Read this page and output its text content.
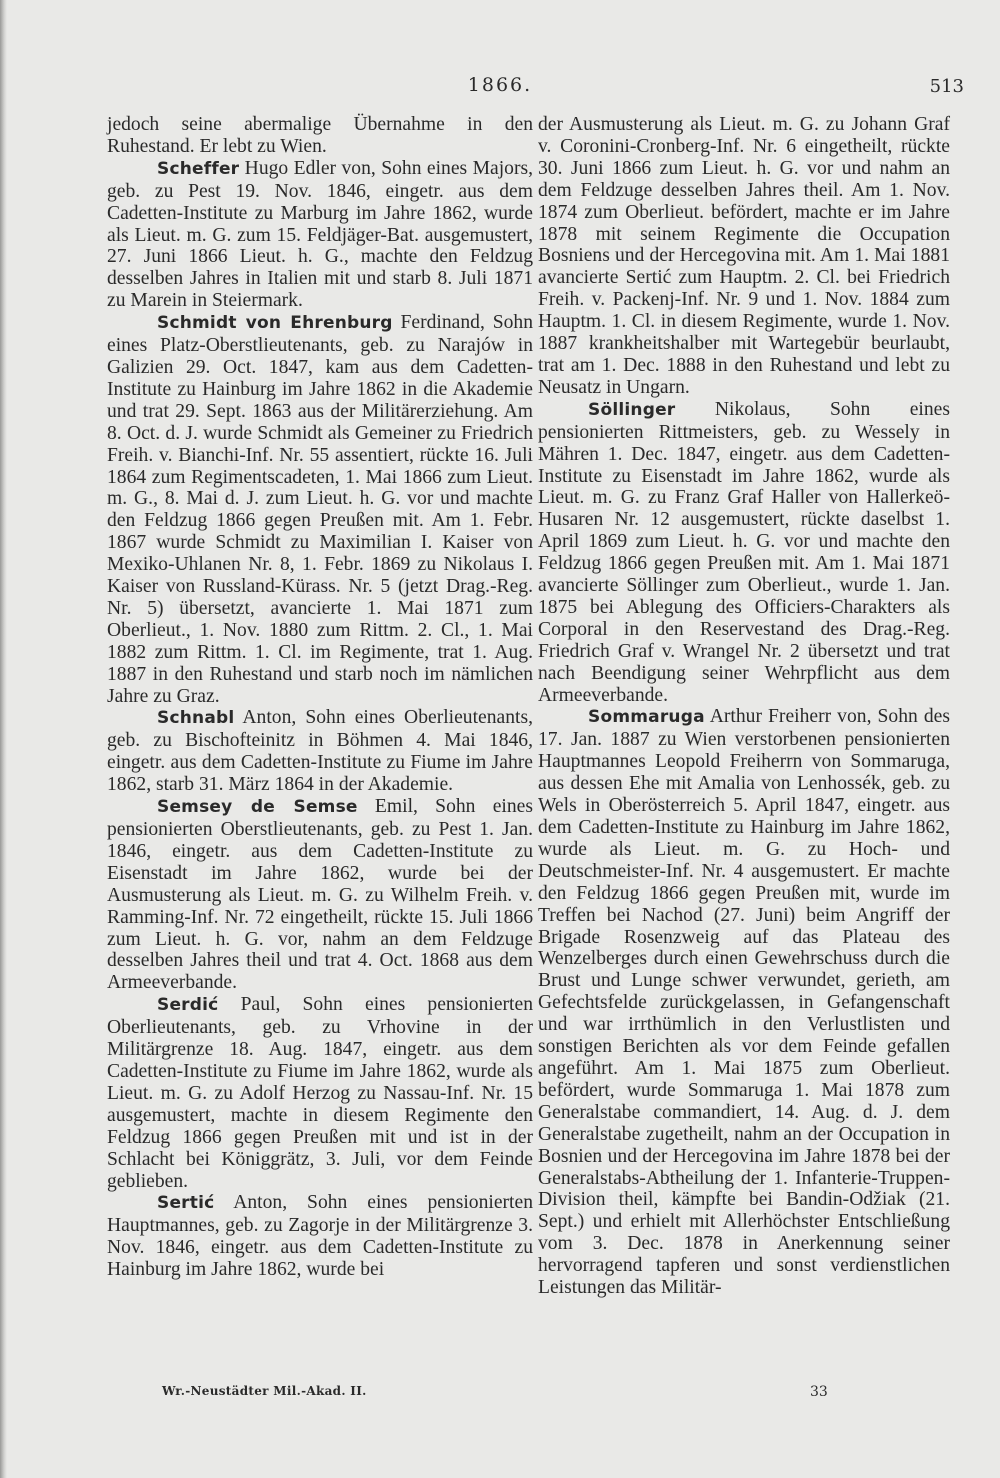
1866.	513

jedoch seine abermalige Übernahme in den Ruhestand. Er lebt zu Wien.

Scheffer Hugo Edler von, Sohn eines Majors, geb. zu Pest 19. Nov. 1846, eingetr. aus dem Cadetten-Institute zu Marburg im Jahre 1862, wurde als Lieut. m. G. zum 15. Feldjäger-Bat. ausgemustert, 27. Juni 1866 Lieut. h. G., machte den Feldzug desselben Jahres in Italien mit und starb 8. Juli 1871 zu Marein in Steiermark.

Schmidt von Ehrenburg Ferdinand, Sohn eines Platz-Oberstlieutenants, geb. zu Narajów in Galizien 29. Oct. 1847, kam aus dem Cadetten-Institute zu Hainburg im Jahre 1862 in die Akademie und trat 29. Sept. 1863 aus der Militärerziehung. Am 8. Oct. d. J. wurde Schmidt als Gemeiner zu Friedrich Freih. v. Bianchi-Inf. Nr. 55 assentiert, rückte 16. Juli 1864 zum Regimentscadeten, 1. Mai 1866 zum Lieut. m. G., 8. Mai d. J. zum Lieut. h. G. vor und machte den Feldzug 1866 gegen Preußen mit. Am 1. Febr. 1867 wurde Schmidt zu Maximilian I. Kaiser von Mexiko-Uhlanen Nr. 8, 1. Febr. 1869 zu Nikolaus I. Kaiser von Russland-Kürass. Nr. 5 (jetzt Drag.-Reg. Nr. 5) übersetzt, avancierte 1. Mai 1871 zum Oberlieut., 1. Nov. 1880 zum Rittm. 2. Cl., 1. Mai 1882 zum Rittm. 1. Cl. im Regimente, trat 1. Aug. 1887 in den Ruhestand und starb noch im nämlichen Jahre zu Graz.

Schnabl Anton, Sohn eines Oberlieutenants, geb. zu Bischofteinitz in Böhmen 4. Mai 1846, eingetr. aus dem Cadetten-Institute zu Fiume im Jahre 1862, starb 31. März 1864 in der Akademie.

Semsey de Semse Emil, Sohn eines pensionierten Oberstlieutenants, geb. zu Pest 1. Jan. 1846, eingetr. aus dem Cadetten-Institute zu Eisenstadt im Jahre 1862, wurde bei der Ausmusterung als Lieut. m. G. zu Wilhelm Freih. v. Ramming-Inf. Nr. 72 eingetheilt, rückte 15. Juli 1866 zum Lieut. h. G. vor, nahm an dem Feldzuge desselben Jahres theil und trat 4. Oct. 1868 aus dem Armeeverbande.

Serdić Paul, Sohn eines pensionierten Oberlieutenants, geb. zu Vrhovine in der Militärgrenze 18. Aug. 1847, eingetr. aus dem Cadetten-Institute zu Fiume im Jahre 1862, wurde als Lieut. m. G. zu Adolf Herzog zu Nassau-Inf. Nr. 15 ausgemustert, machte in diesem Regimente den Feldzug 1866 gegen Preußen mit und ist in der Schlacht bei Königgrätz, 3. Juli, vor dem Feinde geblieben.

Sertić Anton, Sohn eines pensionierten Hauptmannes, geb. zu Zagorje in der Militärgrenze 3. Nov. 1846, eingetr. aus dem Cadetten-Institute zu Hainburg im Jahre 1862, wurde bei

der Ausmusterung als Lieut. m. G. zu Johann Graf v. Coronini-Cronberg-Inf. Nr. 6 eingetheilt, rückte 30. Juni 1866 zum Lieut. h. G. vor und nahm an dem Feldzuge desselben Jahres theil. Am 1. Nov. 1874 zum Oberlieut. befördert, machte er im Jahre 1878 mit seinem Regimente die Occupation Bosniens und der Hercegovina mit. Am 1. Mai 1881 avancierte Sertić zum Hauptm. 2. Cl. bei Friedrich Freih. v. Packenj-Inf. Nr. 9 und 1. Nov. 1884 zum Hauptm. 1. Cl. in diesem Regimente, wurde 1. Nov. 1887 krankheitshalber mit Wartegebür beurlaubt, trat am 1. Dec. 1888 in den Ruhestand und lebt zu Neusatz in Ungarn.

Söllinger Nikolaus, Sohn eines pensionierten Rittmeisters, geb. zu Wessely in Mähren 1. Dec. 1847, eingetr. aus dem Cadetten-Institute zu Eisenstadt im Jahre 1862, wurde als Lieut. m. G. zu Franz Graf Haller von Hallerkeö-Husaren Nr. 12 ausgemustert, rückte daselbst 1. April 1869 zum Lieut. h. G. vor und machte den Feldzug 1866 gegen Preußen mit. Am 1. Mai 1871 avancierte Söllinger zum Oberlieut., wurde 1. Jan. 1875 bei Ablegung des Officiers-Charakters als Corporal in den Reservestand des Drag.-Reg. Friedrich Graf v. Wrangel Nr. 2 übersetzt und trat nach Beendigung seiner Wehrpflicht aus dem Armeeverbande.

Sommaruga Arthur Freiherr von, Sohn des 17. Jan. 1887 zu Wien verstorbenen pensionierten Hauptmannes Leopold Freiherrn von Sommaruga, aus dessen Ehe mit Amalia von Lenhossék, geb. zu Wels in Oberösterreich 5. April 1847, eingetr. aus dem Cadetten-Institute zu Hainburg im Jahre 1862, wurde als Lieut. m. G. zu Hoch- und Deutschmeister-Inf. Nr. 4 ausgemustert. Er machte den Feldzug 1866 gegen Preußen mit, wurde im Treffen bei Nachod (27. Juni) beim Angriff der Brigade Rosenzweig auf das Plateau des Wenzelberges durch einen Gewehrschuss durch die Brust und Lunge schwer verwundet, gerieth, am Gefechtsfelde zurückgelassen, in Gefangenschaft und war irrthümlich in den Verlustlisten und sonstigen Berichten als vor dem Feinde gefallen angeführt. Am 1. Mai 1875 zum Oberlieut. befördert, wurde Sommaruga 1. Mai 1878 zum Generalstabe commandiert, 14. Aug. d. J. dem Generalstabe zugetheilt, nahm an der Occupation in Bosnien und der Hercegovina im Jahre 1878 bei der Generalstabs-Abtheilung der 1. Infanterie-Truppen-Division theil, kämpfte bei Bandin-Odžiak (21. Sept.) und erhielt mit Allerhöchster Entschließung vom 3. Dec. 1878 in Anerkennung seiner hervorragend tapferen und sonst verdienstlichen Leistungen das Militär-

Wr.-Neustädter Mil.-Akad. II.	33
